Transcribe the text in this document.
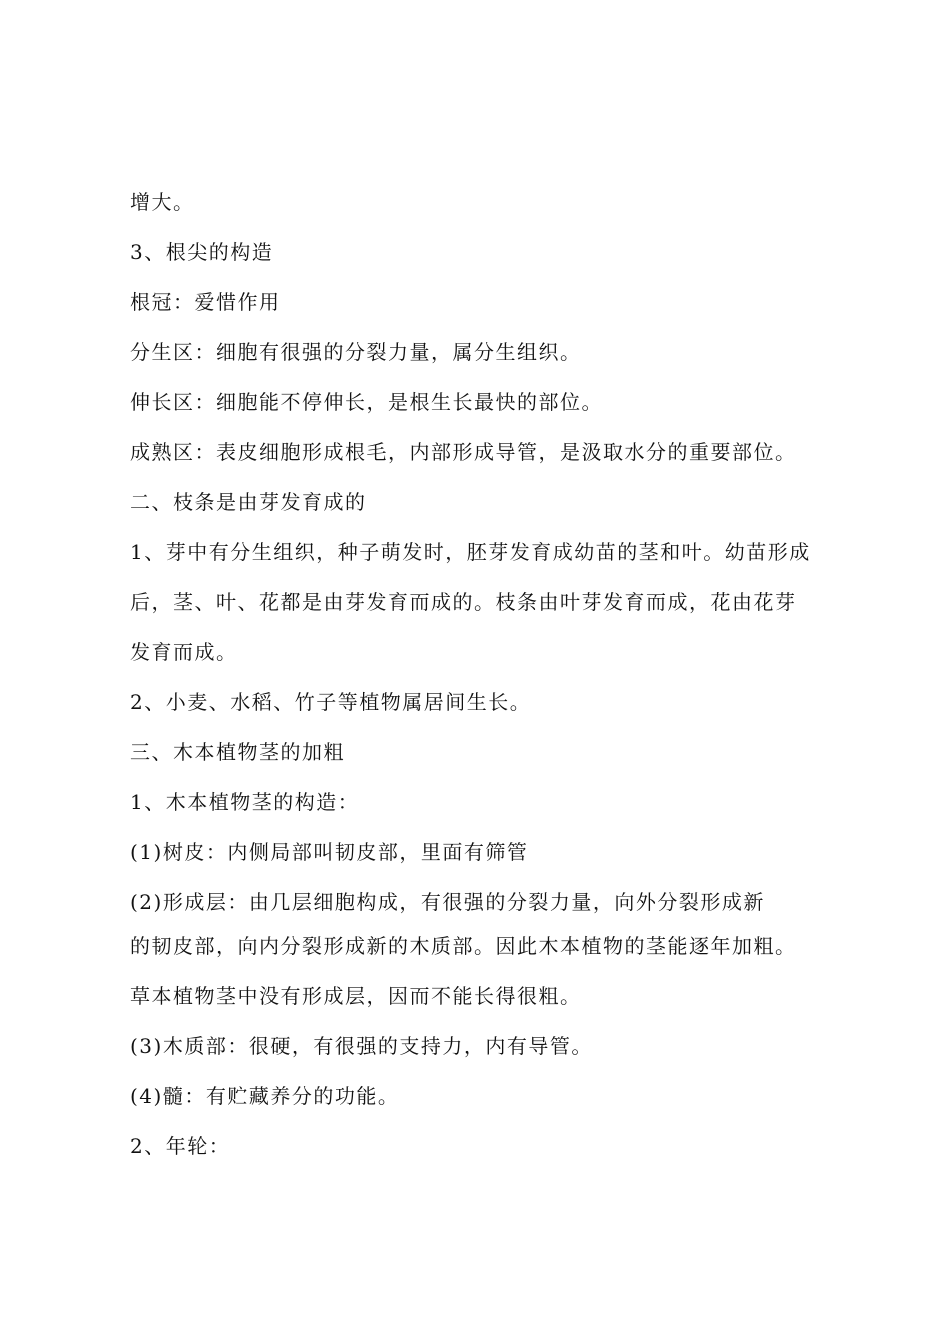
增大。
3、根尖的构造
根冠：爱惜作用
分生区：细胞有很强的分裂力量，属分生组织。
伸长区：细胞能不停伸长，是根生长最快的部位。
成熟区：表皮细胞形成根毛，内部形成导管，是汲取水分的重要部位。
二、枝条是由芽发育成的
1、芽中有分生组织，种子萌发时，胚芽发育成幼苗的茎和叶。幼苗形成
后，茎、叶、花都是由芽发育而成的。枝条由叶芽发育而成，花由花芽
发育而成。
2、小麦、水稻、竹子等植物属居间生长。
三、木本植物茎的加粗
1、木本植物茎的构造：
(1)树皮：内侧局部叫韧皮部，里面有筛管
(2)形成层：由几层细胞构成，有很强的分裂力量，向外分裂形成新
的韧皮部，向内分裂形成新的木质部。因此木本植物的茎能逐年加粗。
草本植物茎中没有形成层，因而不能长得很粗。
(3)木质部：很硬，有很强的支持力，内有导管。
(4)髓：有贮藏养分的功能。
2、年轮：
